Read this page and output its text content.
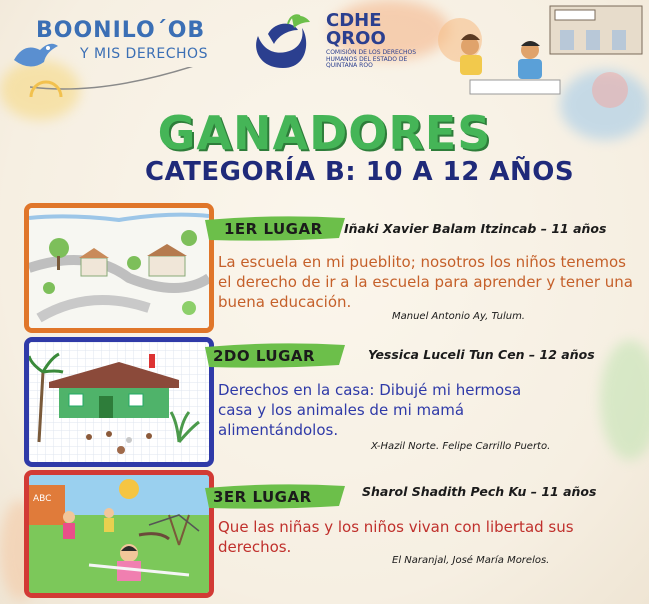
BOONILO´OB
Y MIS DERECHOS
CDHE
QROO
COMISIÓN DE LOS DERECHOS HUMANOS DEL ESTADO DE QUINTANA ROO
GANADORES
CATEGORÍA B: 10 A 12 AÑOS
1ER LUGAR Iñaki Xavier Balam Itzincab – 11 años
La escuela en mi pueblito; nosotros los niños tenemos el derecho de ir a la escuela para aprender y tener una buena educación.
Manuel Antonio Ay, Tulum.
2DO LUGAR	Yessica Luceli Tun Cen – 12 años
Derechos en la casa: Dibujé mi hermosa casa y los animales de mi mamá alimentándolos.
X-Hazil Norte. Felipe Carrillo Puerto.
ABC	3ER LUGAR	Sharol Shadith Pech Ku – 11 años
Que las niñas y los niños vivan con libertad sus derechos.
El Naranjal, José María Morelos.
